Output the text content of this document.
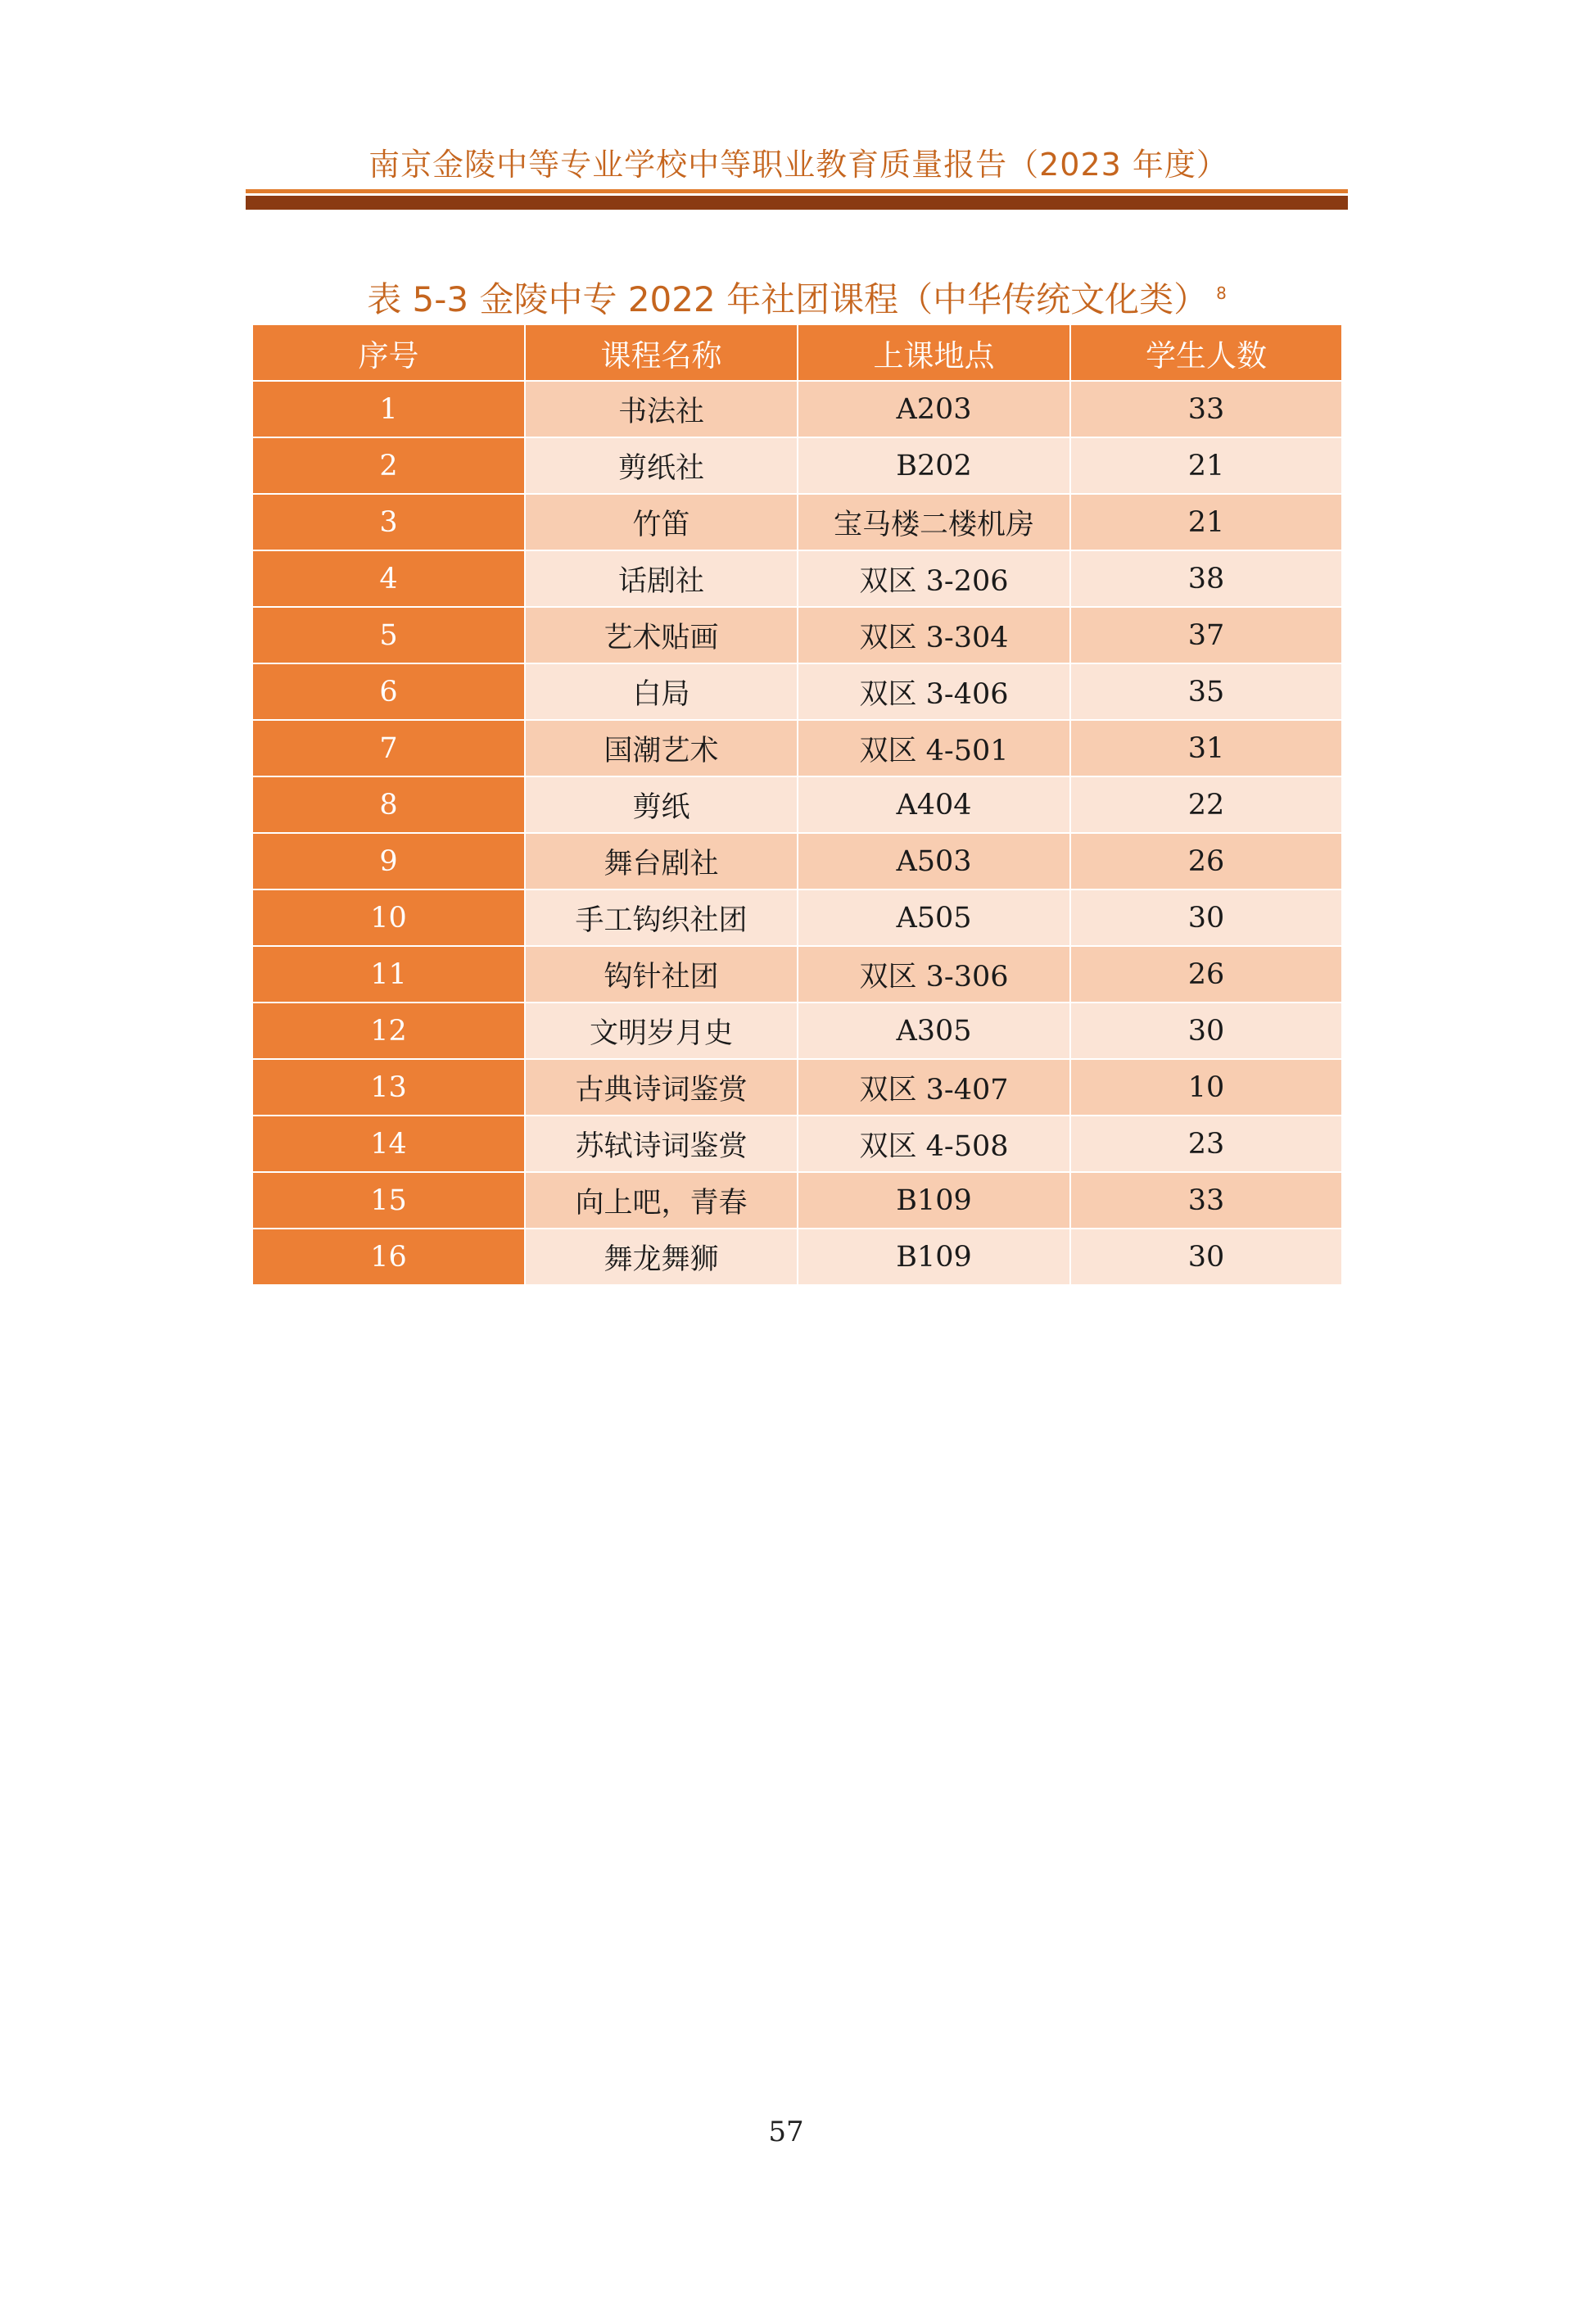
南京金陵中等专业学校中等职业教育质量报告（2023 年度）
表 5-3 金陵中专 2022 年社团课程（中华传统文化类） $^8$
序号	课程名称	上课地点	学生人数
1	书法社	A203	33
2	剪纸社	B202	21
3	竹笛	宝马楼二楼机房	21
4	话剧社	双区 3-206	38
5	艺术贴画	双区 3-304	37
6	白局	双区 3-406	35
7	国潮艺术	双区 4-501	31
8	剪纸	A404	22
9	舞台剧社	A503	26
10	手工钩织社团	A505	30
11	钩针社团	双区 3-306	26
12	文明岁月史	A305	30
13	古典诗词鉴赏	双区 3-407	10
14	苏轼诗词鉴赏	双区 4-508	23
15	向上吧，青春	B109	33
16	舞龙舞狮	B109	30
57
